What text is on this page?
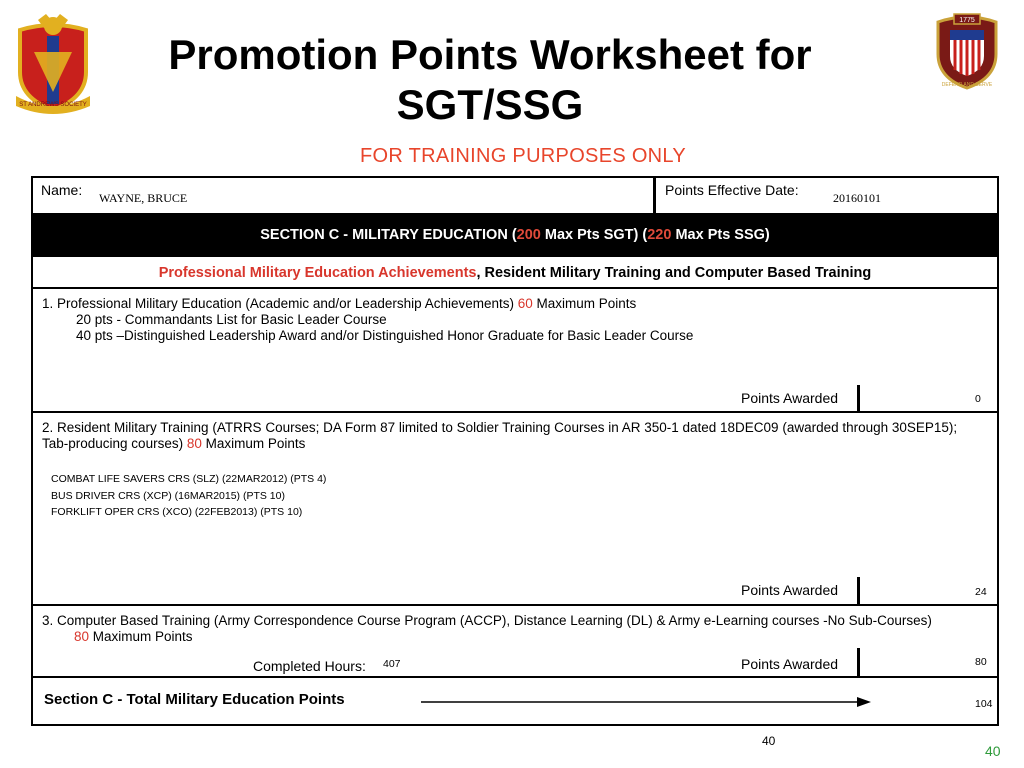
ST ANDREWS SOCIETY
1775
DEFEND AND SERVE
Promotion Points Worksheet for SGT/SSG
FOR TRAINING PURPOSES ONLY
Name: WAYNE, BRUCE	Points Effective Date:	20160101
SECTION C - MILITARY EDUCATION (200 Max Pts SGT) (220 Max Pts SSG)
Professional Military Education Achievements, Resident Military Training and Computer Based Training
1. Professional Military Education (Academic and/or Leadership Achievements) 60 Maximum Points
20 pts - Commandants List for Basic Leader Course
40 pts –Distinguished Leadership Award and/or Distinguished Honor Graduate for Basic Leader Course
Points Awarded	0
2. Resident Military Training (ATRRS Courses; DA Form 87 limited to Soldier Training Courses in AR 350-1 dated 18DEC09 (awarded through 30SEP15);
Tab-producing courses) 80 Maximum Points
COMBAT LIFE SAVERS CRS (SLZ) (22MAR2012) (PTS 4)
BUS DRIVER CRS (XCP) (16MAR2015) (PTS 10)
FORKLIFT OPER CRS (XCO) (22FEB2013) (PTS 10)
Points Awarded	24
3. Computer Based Training (Army Correspondence Course Program (ACCP), Distance Learning (DL) & Army e-Learning courses -No Sub-Courses)
80 Maximum Points
Completed Hours: 407	Points Awarded	80
Section C - Total Military Education Points	104
40
40
